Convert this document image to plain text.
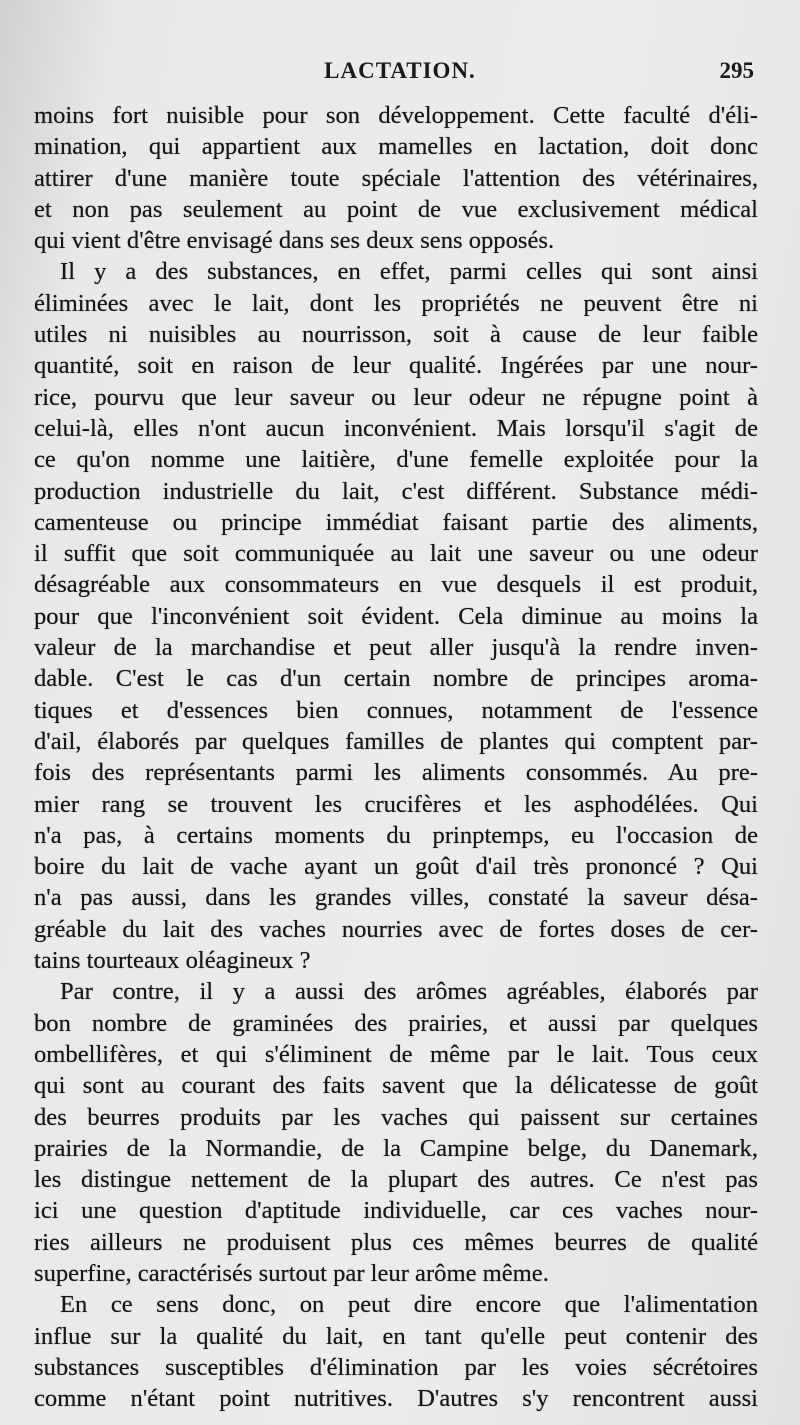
LACTATION.	295
moins fort nuisible pour son développement. Cette faculté d'éli-
mination, qui appartient aux mamelles en lactation, doit donc
attirer d'une manière toute spéciale l'attention des vétérinaires,
et non pas seulement au point de vue exclusivement médical
qui vient d'être envisagé dans ses deux sens opposés.
Il y a des substances, en effet, parmi celles qui sont ainsi
éliminées avec le lait, dont les propriétés ne peuvent être ni
utiles ni nuisibles au nourrisson, soit à cause de leur faible
quantité, soit en raison de leur qualité. Ingérées par une nour-
rice, pourvu que leur saveur ou leur odeur ne répugne point à
celui-là, elles n'ont aucun inconvénient. Mais lorsqu'il s'agit de
ce qu'on nomme une laitière, d'une femelle exploitée pour la
production industrielle du lait, c'est différent. Substance médi-
camenteuse ou principe immédiat faisant partie des aliments,
il suffit que soit communiquée au lait une saveur ou une odeur
désagréable aux consommateurs en vue desquels il est produit,
pour que l'inconvénient soit évident. Cela diminue au moins la
valeur de la marchandise et peut aller jusqu'à la rendre inven-
dable. C'est le cas d'un certain nombre de principes aroma-
tiques et d'essences bien connues, notamment de l'essence
d'ail, élaborés par quelques familles de plantes qui comptent par-
fois des représentants parmi les aliments consommés. Au pre-
mier rang se trouvent les crucifères et les asphodélées. Qui
n'a pas, à certains moments du prinptemps, eu l'occasion de
boire du lait de vache ayant un goût d'ail très prononcé ? Qui
n'a pas aussi, dans les grandes villes, constaté la saveur désa-
gréable du lait des vaches nourries avec de fortes doses de cer-
tains tourteaux oléagineux ?
Par contre, il y a aussi des arômes agréables, élaborés par
bon nombre de graminées des prairies, et aussi par quelques
ombellifères, et qui s'éliminent de même par le lait. Tous ceux
qui sont au courant des faits savent que la délicatesse de goût
des beurres produits par les vaches qui paissent sur certaines
prairies de la Normandie, de la Campine belge, du Danemark,
les distingue nettement de la plupart des autres. Ce n'est pas
ici une question d'aptitude individuelle, car ces vaches nour-
ries ailleurs ne produisent plus ces mêmes beurres de qualité
superfine, caractérisés surtout par leur arôme même.
En ce sens donc, on peut dire encore que l'alimentation
influe sur la qualité du lait, en tant qu'elle peut contenir des
substances susceptibles d'élimination par les voies sécrétoires
comme n'étant point nutritives. D'autres s'y rencontrent aussi
